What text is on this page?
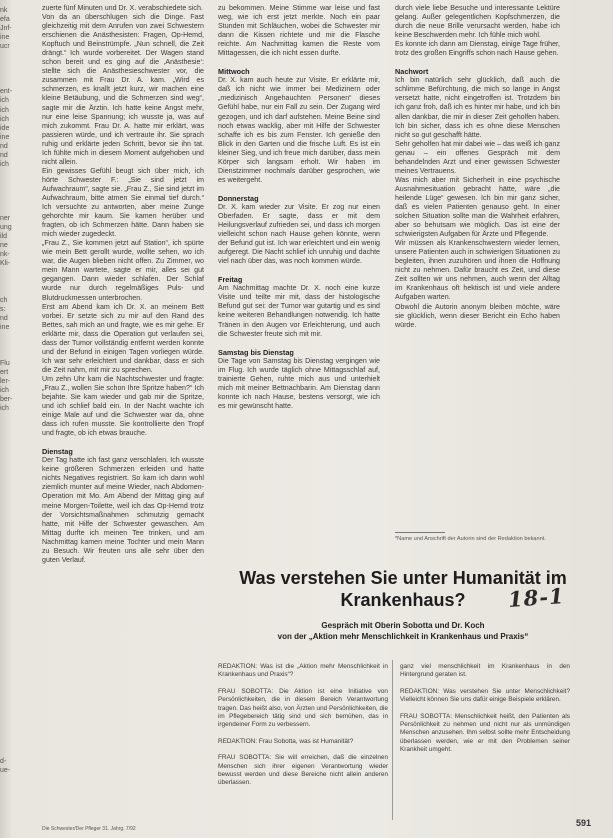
nk
efa
Jnf-
ine
ucr

ent-
ich
ich
ich
ide
ine
nd
nd
ich

ner
ung
ild
ne
nk-
Kli-

ch
s:
nd
ine

Flu
ert
ler-
ich
ber-
ich

d-
ue-

zuerte fünf Minuten und Dr. X. verabschiedete sich.

Von da an überschlugen sich die Dinge. Fast gleichzeitig mit dem Anrufen von zwei Schwestern erschienen die Anästhesisten: Fragen, Op-Hemd, Kopftuch und Beinstrümpfe. „Nun schnell, die Zeit drängt.“ Ich wurde vorbereitet. Der Wagen stand schon bereit und es ging auf die ‚Anästhesie‘: stellte sich die Anästhesieschwester vor, die zusammen mit Frau Dr. A. kam. „Wird es schmerzen, es knallt jetzt kurz, wir machen eine kleine Betäubung, und die Schmerzen sind weg“, sagte mir die Ärztin. Ich hatte keine Angst mehr, nur eine leise Spannung; ich wusste ja, was auf mich zukommt. Frau Dr. A. hatte mir erklärt, was passieren würde, und ich vertraute ihr. Sie sprach ruhig und erklärte jeden Schritt, bevor sie ihn tat. Ich fühlte mich in diesem Moment aufgehoben und nicht allein.

Ein gewisses Gefühl beugt sich über mich, ich hörte Schwester F.: „Sie sind jetzt im Aufwachraum“, sagte sie. „Frau Z., Sie sind jetzt im Aufwachraum, bitte atmen Sie einmal tief durch.“ Ich versuchte zu antworten, aber meine Zunge gehorchte mir kaum. Sie kamen herüber und fragten, ob ich Schmerzen hätte. Dann haben sie mich wieder zugedeckt.

„Frau Z., Sie kommen jetzt auf Station“, ich spürte wie mein Bett gerollt wurde, wollte sehen, wo ich war, die Augen blieben nicht offen. Zu Zimmer, wo mein Mann wartete, sagte er mir, alles sei gut gegangen. Dann wieder schlafen. Der Schlaf wurde nur durch regelmäßiges Puls- und Blutdruckmessen unterbrochen.

Erst am Abend kam ich Dr. X. an meinem Bett vorbei. Er setzte sich zu mir auf den Rand des Bettes, sah mich an und fragte, wie es mir gehe. Er erklärte mir, dass die Operation gut verlaufen sei, dass der Tumor vollständig entfernt werden konnte und der Befund in einigen Tagen vorliegen würde. Ich war sehr erleichtert und dankbar, dass er sich die Zeit nahm, mit mir zu sprechen.

Um zehn Uhr kam die Nachtschwester und fragte: „Frau Z., wollen Sie schon Ihre Spritze haben?“ Ich bejahte. Sie kam wieder und gab mir die Spritze, und ich schlief bald ein. In der Nacht wachte ich einige Male auf und die Schwester war da, ohne dass ich rufen musste. Sie kontrollierte den Tropf und fragte, ob ich etwas brauche.

Dienstag

Der Tag hatte ich fast ganz verschlafen. Ich wusste keine größeren Schmerzen erleiden und hatte nichts Negatives registriert. So kam ich dann wohl ziemlich munter auf meine Wieder, nach Abdomen-Operation mit Mo. Am Abend der Mittag ging auf meine Morgen-Toilette, weil ich das Op-Hemd trotz der Vorsichtsmaßnahmen schmutzig gemacht hatte, mit Hilfe der Schwester gewaschen. Am Mittag durfte ich meinen Tee trinken, und am Nachmittag kamen meine Tochter und mein Mann zu Besuch. Wir freuten uns alle sehr über den guten Verlauf.

zu bekommen. Meine Stimme war leise und fast weg, wie ich erst jetzt merkte. Noch ein paar Stunden mit Schläuchen, wobei die Schwester mir dann die Kissen richtete und mir die Flasche reichte. Am Nachmittag kamen die Reste vom Mittagessen, die ich nicht essen durfte.

Mittwoch

Dr. X. kam auch heute zur Visite. Er erklärte mir, daß ich nicht wie immer bei Medizinern oder „medizinisch Angehauchten Personen“ dieses Gefühl habe, nur ein Fall zu sein. Der Zugang wird gezogen, und ich darf aufstehen. Meine Beine sind noch etwas wacklig, aber mit Hilfe der Schwester schaffe ich es bis zum Fenster. Ich genieße den Blick in den Garten und die frische Luft. Es ist ein kleiner Sieg, und ich freue mich darüber, dass mein Körper sich langsam erholt. Wir haben im Dienstzimmer nochmals darüber gesprochen, wie es weitergeht.

Donnerstag

Dr. X. kam wieder zur Visite. Er zog nur einen Oberfaden. Er sagte, dass er mit dem Heilungsverlauf zufrieden sei, und dass ich morgen vielleicht schon nach Hause gehen könnte, wenn der Befund gut ist. Ich war erleichtert und ein wenig aufgeregt. Die Nacht schlief ich unruhig und dachte viel nach über das, was noch kommen würde.

Freitag

Am Nachmittag machte Dr. X. noch eine kurze Visite und teilte mir mit, dass der histologische Befund gut sei: der Tumor war gutartig und es sind keine weiteren Behandlungen notwendig. Ich hatte Tränen in den Augen vor Erleichterung, und auch die Schwester freute sich mit mir.

Samstag bis Dienstag

Die Tage von Samstag bis Dienstag vergingen wie im Flug. Ich wurde täglich ohne Mittagsschlaf auf, trainierte Gehen, ruhte mich aus und unterhielt mich mit meiner Bettnachbarin. Am Dienstag dann konnte ich nach Hause, bestens versorgt, wie ich es mir gewünscht hatte.

durch viele liebe Besuche und interessante Lektüre gelang. Außer gelegentlichen Kopfschmerzen, die durch die neue Brille verursacht werden, habe ich keine Beschwerden mehr. Ich fühle mich wohl.

Es konnte ich dann am Dienstag, einige Tage früher, trotz des großen Eingriffs schon nach Hause gehen.

Nachwort

Ich bin natürlich sehr glücklich, daß auch die schlimme Befürchtung, die mich so lange in Angst versetzt hatte, nicht eingetroffen ist. Trotzdem bin ich ganz froh, daß ich es hinter mir habe, und ich bin allen dankbar, die mir in dieser Zeit geholfen haben. Ich bin sicher, dass ich es ohne diese Menschen nicht so gut geschafft hätte.

Sehr geholfen hat mir dabei wie – das weiß ich ganz genau – ein offenes Gespräch mit dem behandelnden Arzt und einer gewissen Schwester meines Vertrauens.

Was mich aber mit Sicherheit in eine psychische Ausnahmesituation gebracht hätte, wäre „die heilende Lüge“ gewesen. Ich bin mir ganz sicher, daß es vielen Patienten genauso geht. In einer solchen Situation sollte man die Wahrheit erfahren, aber so behutsam wie möglich. Das ist eine der schwierigsten Aufgaben für Ärzte und Pflegende.

Wir müssen als Krankenschwestern wieder lernen, unsere Patienten auch in schwierigen Situationen zu begleiten, ihnen zuzuhören und ihnen die Hoffnung nicht zu nehmen. Dafür braucht es Zeit, und diese Zeit sollten wir uns nehmen, auch wenn der Alltag im Krankenhaus oft hektisch ist und viele andere Aufgaben warten.

Obwohl die Autorin anonym bleiben möchte, wäre sie glücklich, wenn dieser Bericht ein Echo haben würde.

*Name und Anschrift der Autorin sind der Redaktion bekannt.
Was verstehen Sie unter Humanität im Krankenhaus?	18-1
Gespräch mit Oberin Sobotta und Dr. Koch
von der „Aktion mehr Menschlichkeit in Krankenhaus und Praxis“

REDAKTION: Was ist die „Aktion mehr Menschlichkeit in Krankenhaus und Praxis“?

FRAU SOBOTTA: Die Aktion ist eine Initiative von Persönlichkeiten, die in diesem Bereich Verantwortung tragen. Das heißt also, von Ärzten und Persönlichkeiten, die im Pflegebereich tätig sind und sich bemühen, das in irgendeiner Form zu verbessern.

REDAKTION: Frau Sobotta, was ist Humanität?

FRAU SOBOTTA: Sie will erreichen, daß die einzelnen Menschen sich ihrer eigenen Verantwortung wieder bewusst werden und diese Bereiche nicht allein anderen überlassen.

ganz viel menschlichkeit im Krankenhaus in den Hintergrund geraten ist.

REDAKTION: Was verstehen Sie unter Menschlichkeit? Vielleicht können Sie uns dafür einige Beispiele erklären.

FRAU SOBOTTA: Menschlichkeit heißt, den Patienten als Persönlichkeit zu nehmen und nicht nur als unmündigen Menschen anzusehen. Ihm selbst sollte mehr Entscheidung überlassen werden, wie er mit den Problemen seiner Krankheit umgeht.

Die Schwester/Der Pfleger 31. Jahrg. 7/92
591
